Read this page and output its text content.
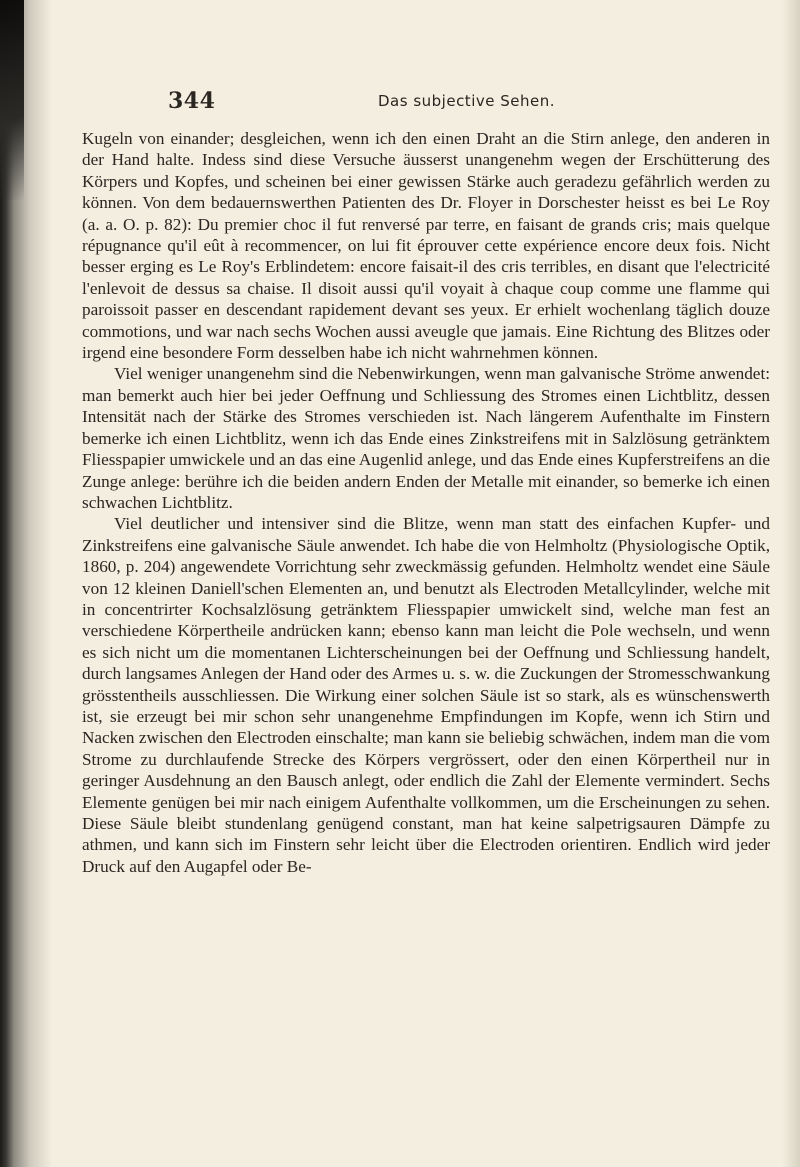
344	Das subjective Sehen.

Kugeln von einander; desgleichen, wenn ich den einen Draht an die Stirn anlege, den anderen in der Hand halte. Indess sind diese Versuche äusserst unangenehm wegen der Erschütterung des Körpers und Kopfes, und scheinen bei einer gewissen Stärke auch geradezu gefährlich werden zu können. Von dem bedauernswerthen Patienten des Dr. Floyer in Dorschester heisst es bei Le Roy (a. a. O. p. 82): Du premier choc il fut renversé par terre, en faisant de grands cris; mais quelque répugnance qu'il eût à recommencer, on lui fit éprouver cette expérience encore deux fois. Nicht besser erging es Le Roy's Erblindetem: encore faisait-il des cris terribles, en disant que l'electricité l'enlevoit de dessus sa chaise. Il disoit aussi qu'il voyait à chaque coup comme une flamme qui paroissoit passer en descendant rapidement devant ses yeux. Er erhielt wochenlang täglich douze commotions, und war nach sechs Wochen aussi aveugle que jamais. Eine Richtung des Blitzes oder irgend eine besondere Form desselben habe ich nicht wahrnehmen können.

Viel weniger unangenehm sind die Nebenwirkungen, wenn man galvanische Ströme anwendet: man bemerkt auch hier bei jeder Oeffnung und Schliessung des Stromes einen Lichtblitz, dessen Intensität nach der Stärke des Stromes verschieden ist. Nach längerem Aufenthalte im Finstern bemerke ich einen Lichtblitz, wenn ich das Ende eines Zinkstreifens mit in Salzlösung getränktem Fliesspapier umwickele und an das eine Augenlid anlege, und das Ende eines Kupferstreifens an die Zunge anlege: berühre ich die beiden andern Enden der Metalle mit einander, so bemerke ich einen schwachen Lichtblitz.

Viel deutlicher und intensiver sind die Blitze, wenn man statt des einfachen Kupfer- und Zinkstreifens eine galvanische Säule anwendet. Ich habe die von Helmholtz (Physiologische Optik, 1860, p. 204) angewendete Vorrichtung sehr zweckmässig gefunden. Helmholtz wendet eine Säule von 12 kleinen Daniell'schen Elementen an, und benutzt als Electroden Metallcylinder, welche mit in concentrirter Kochsalzlösung getränktem Fliesspapier umwickelt sind, welche man fest an verschiedene Körpertheile andrücken kann; ebenso kann man leicht die Pole wechseln, und wenn es sich nicht um die momentanen Lichterscheinungen bei der Oeffnung und Schliessung handelt, durch langsames Anlegen der Hand oder des Armes u. s. w. die Zuckungen der Stromesschwankung grösstentheils ausschliessen. Die Wirkung einer solchen Säule ist so stark, als es wünschenswerth ist, sie erzeugt bei mir schon sehr unangenehme Empfindungen im Kopfe, wenn ich Stirn und Nacken zwischen den Electroden einschalte; man kann sie beliebig schwächen, indem man die vom Strome zu durchlaufende Strecke des Körpers vergrössert, oder den einen Körpertheil nur in geringer Ausdehnung an den Bausch anlegt, oder endlich die Zahl der Elemente vermindert. Sechs Elemente genügen bei mir nach einigem Aufenthalte vollkommen, um die Erscheinungen zu sehen. Diese Säule bleibt stundenlang genügend constant, man hat keine salpetrigsauren Dämpfe zu athmen, und kann sich im Finstern sehr leicht über die Electroden orientiren. Endlich wird jeder Druck auf den Augapfel oder Be-
